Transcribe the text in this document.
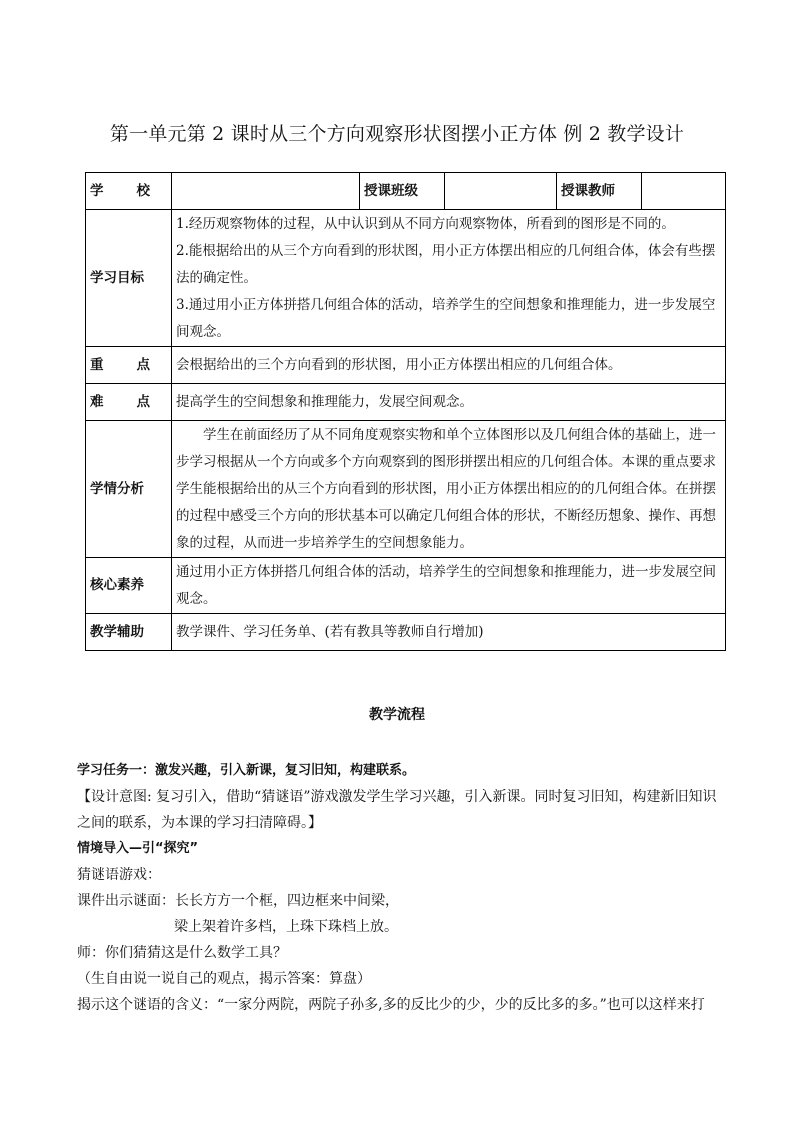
第一单元第 2 课时从三个方向观察形状图摆小正方体 例 2 教学设计
学 校		授课班级		授课教师	
学习目标	1.经历观察物体的过程，从中认识到从不同方向观察物体，所看到的图形是不同的。
2.能根据给出的从三个方向看到的形状图，用小正方体摆出相应的几何组合体，体会有些摆法的确定性。
3.通过用小正方体拼搭几何组合体的活动，培养学生的空间想象和推理能力，进一步发展空间观念。				

重 点	会根据给出的三个方向看到的形状图，用小正方体摆出相应的几何组合体。				

难 点	提高学生的空间想象和推理能力，发展空间观念。				
学情分析	学生在前面经历了从不同角度观察实物和单个立体图形以及几何组合体的基础上，进一步学习根据从一个方向或多个方向观察到的图形拼摆出相应的几何组合体。本课的重点要求学生能根据给出的从三个方向看到的形状图，用小正方体摆出相应的的几何组合体。在拼摆的过程中感受三个方向的形状基本可以确定几何组合体的形状，不断经历想象、操作、再想象的过程，从而进一步培养学生的空间想象能力。				
核心素养	通过用小正方体拼搭几何组合体的活动，培养学生的空间想象和推理能力，进一步发展空间观念。				
教学辅助	教学课件、学习任务单、(若有教具等教师自行增加)				
教学流程

学习任务一：激发兴趣，引入新课，复习旧知，构建联系。

【设计意图: 复习引入，借助“猜谜语”游戏激发学生学习兴趣，引入新课。同时复习旧知，构建新旧知识之间的联系，为本课的学习扫清障碍。】

情境导入—引“探究”

猜谜语游戏：

课件出示谜面：长长方方一个框，四边框来中间梁，

梁上架着许多档，上珠下珠档上放。

师：你们猜猜这是什么数学工具？

（生自由说一说自己的观点，揭示答案：算盘）

揭示这个谜语的含义：“一家分两院，两院子孙多,多的反比少的少，少的反比多的多。”也可以这样来打
